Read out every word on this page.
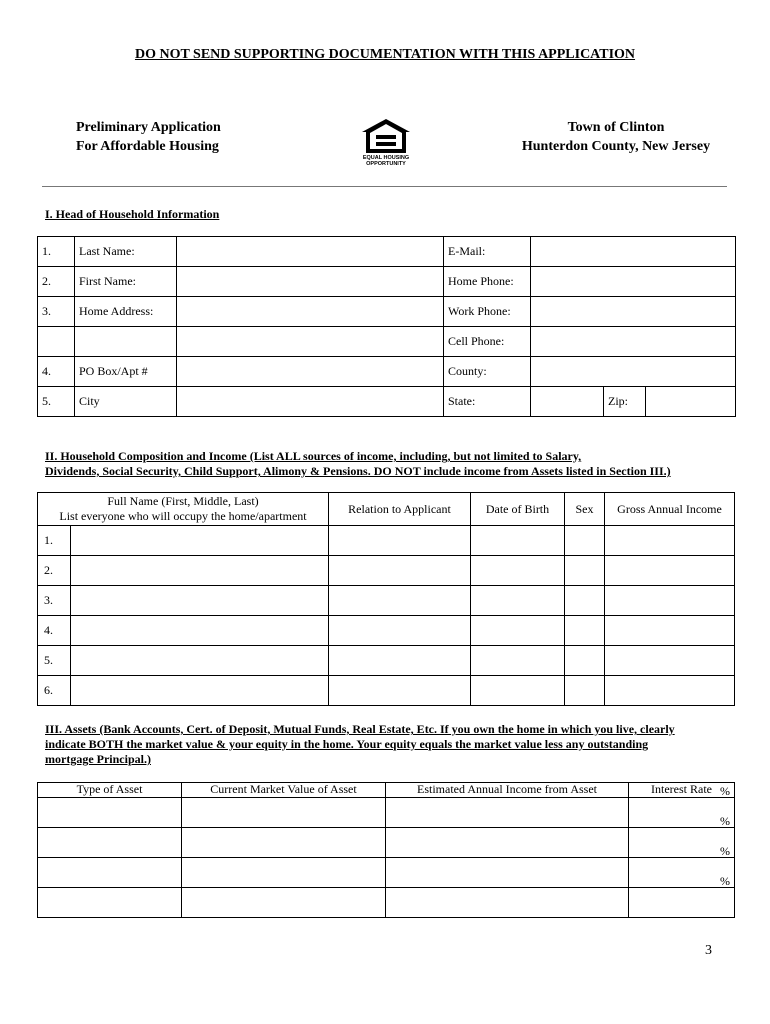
DO NOT SEND SUPPORTING DOCUMENTATION WITH THIS APPLICATION
Preliminary Application
For Affordable Housing
EQUAL HOUSING
OPPORTUNITY
Town of Clinton
Hunterdon County, New Jersey
I. Head of Household Information
1.	Last Name:		E-Mail:			
2.	First Name:		Home Phone:			
3.	Home Address:		Work Phone:			
			Cell Phone:			
4.	PO Box/Apt #		County:			
5.	City		State:		Zip:	
II. Household Composition and Income (List ALL sources of income, including, but not limited to Salary,
Dividends, Social Security, Child Support, Alimony & Pensions. DO NOT include income from Assets listed in Section III.)
Full Name (First, Middle, Last)
List everyone who will occupy the home/apartment	Relation to Applicant	Date of Birth	Sex	Gross Annual Income

1.				

2.				

3.				

4.				

5.				

6.				

III. Assets (Bank Accounts, Cert. of Deposit, Mutual Funds, Real Estate, Etc. If you own the home in which you live, clearly
indicate BOTH the market value & your equity in the home. Your equity equals the market value less any outstanding
mortgage Principal.)
Type of Asset	Current Market Value of Asset	Estimated Annual Income from Asset	Interest Rate
			%
			%
			%
			%
3
